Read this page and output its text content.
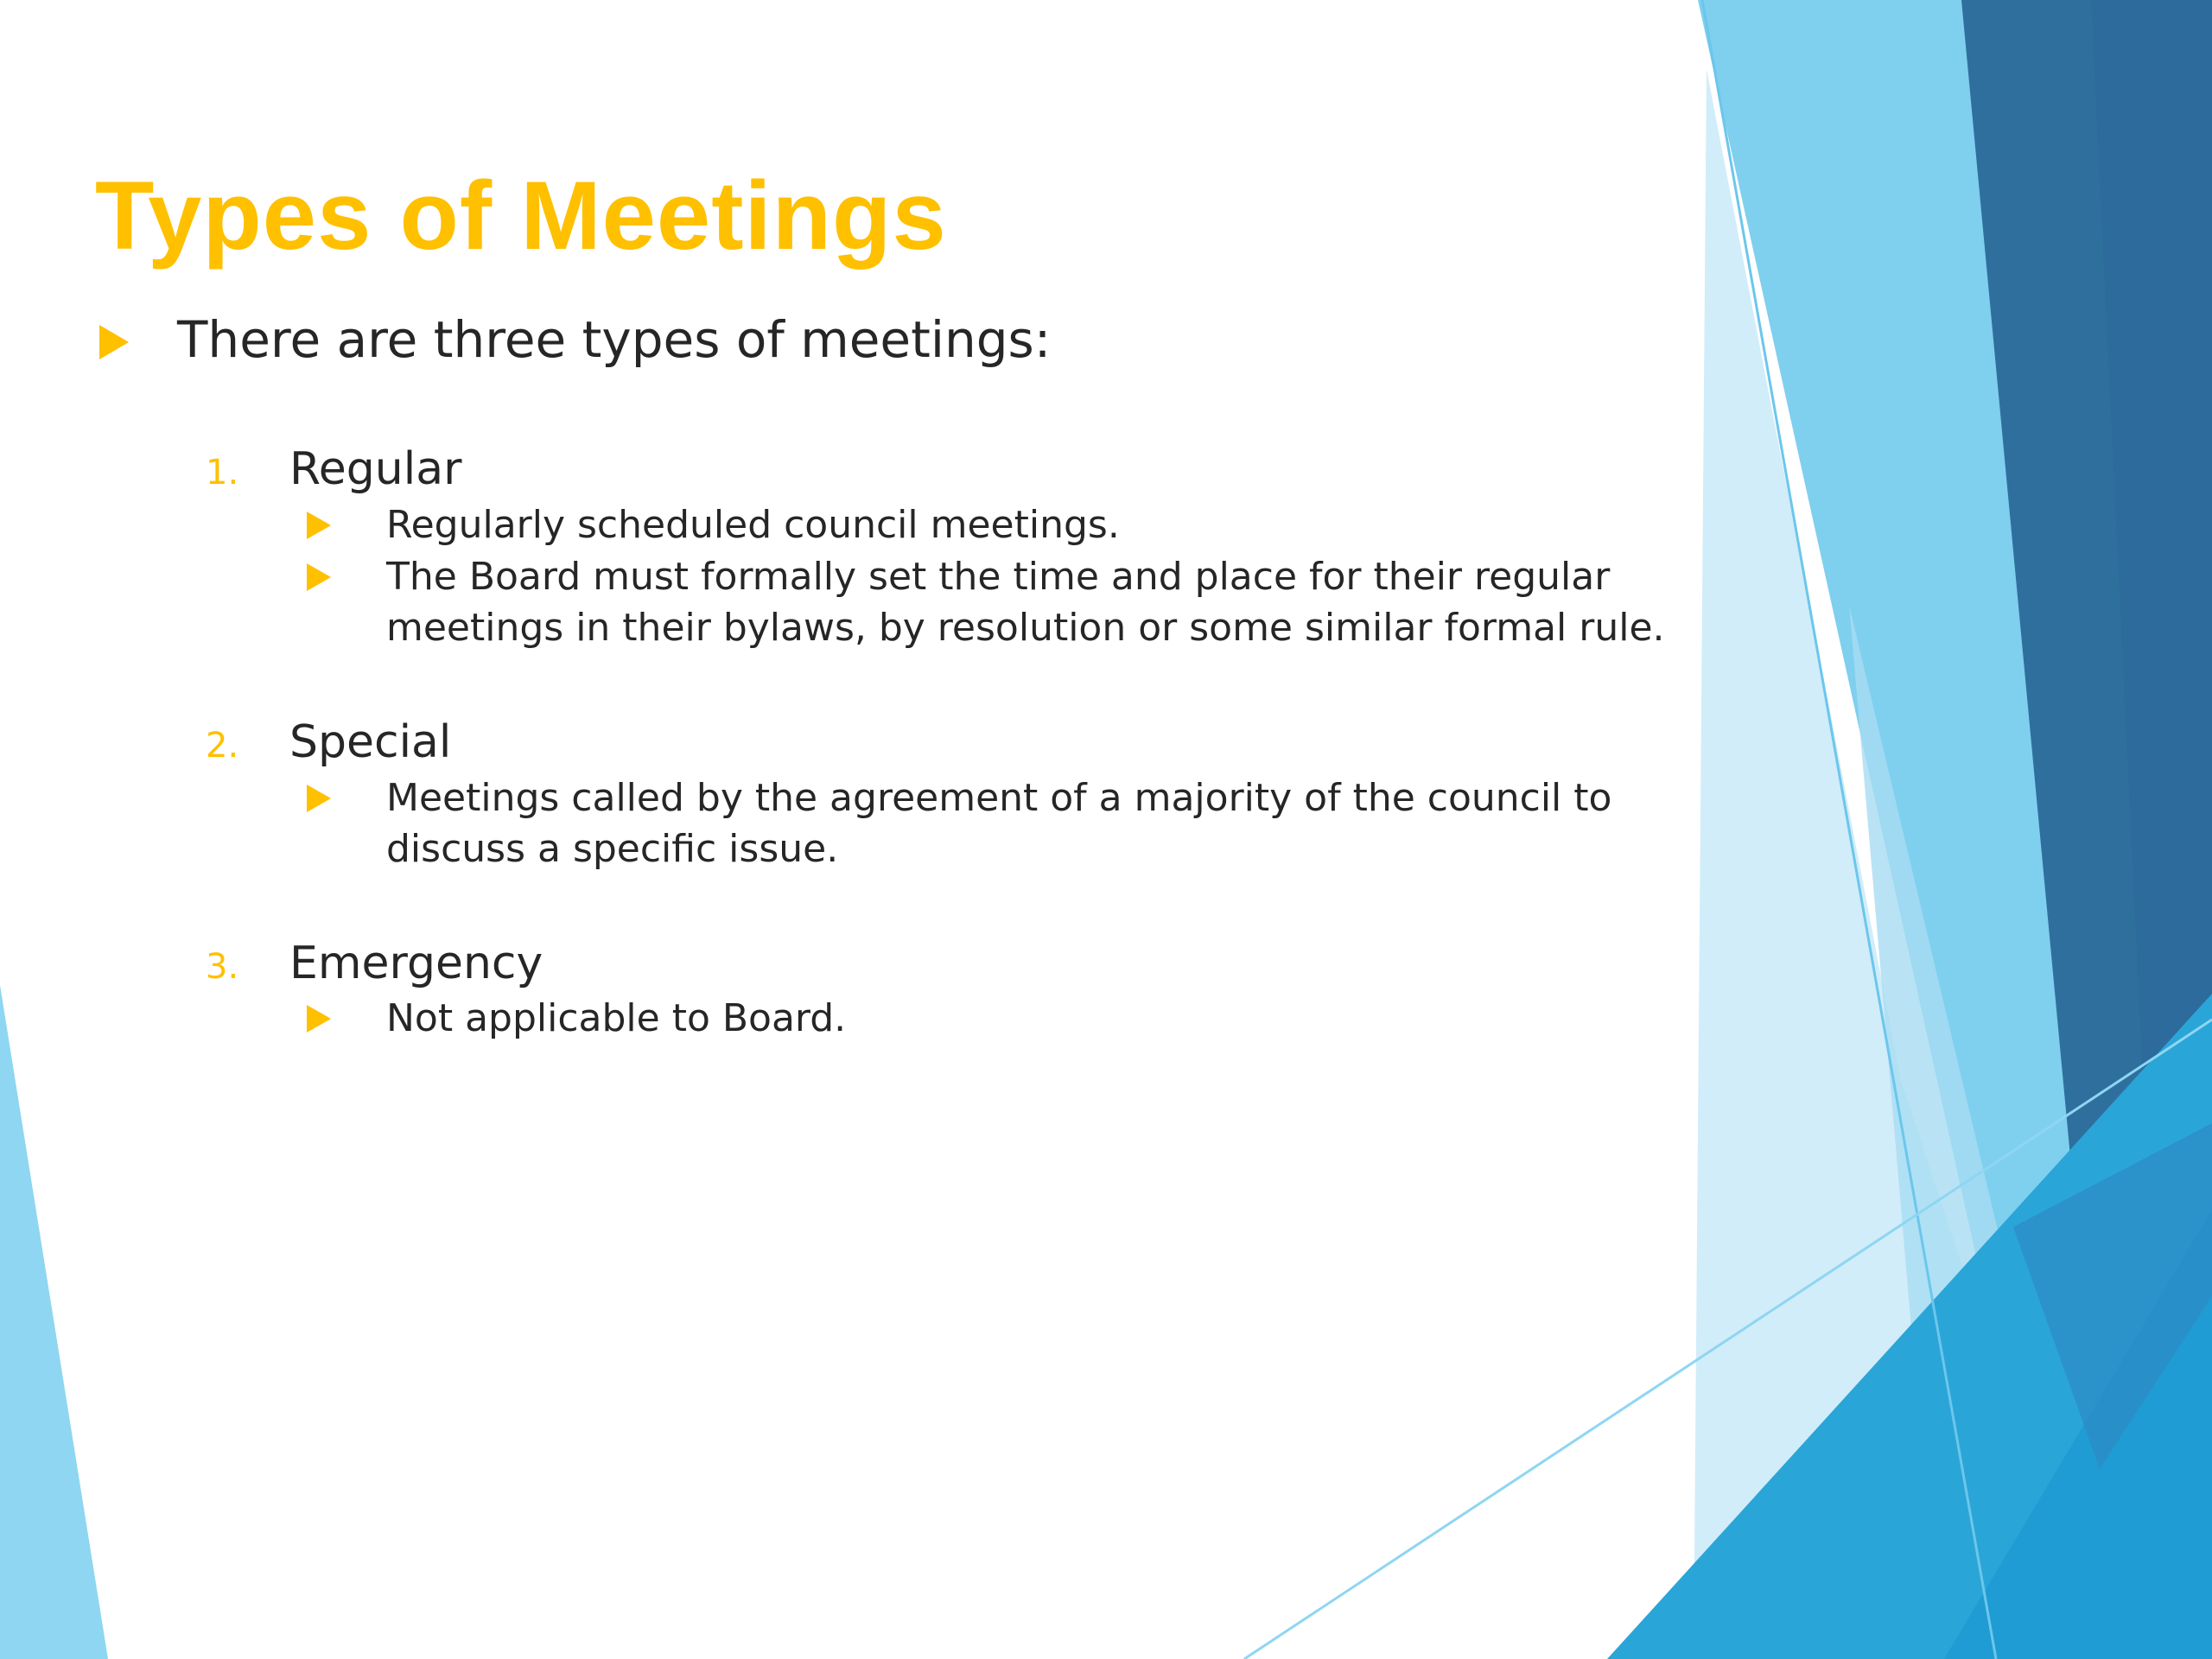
Types of Meetings
There are three types of meetings:
1. Regular
Regularly scheduled council meetings.
The Board must formally set the time and place for their regular
meetings in their bylaws, by resolution or some similar formal rule.
2. Special
Meetings called by the agreement of a majority of the council to
discuss a specific issue.
3. Emergency
Not applicable to Board.
